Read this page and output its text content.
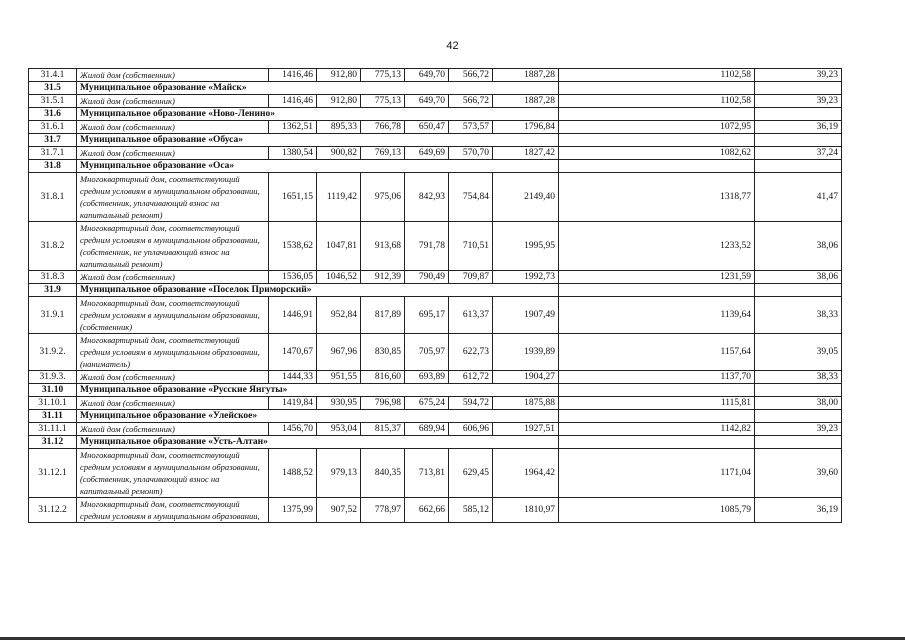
42
31.4.1	Жилой дом (собственник)	1416,46	912,80	775,13	649,70	566,72	1887,28	1102,58	39,23
31.5	Муниципальное образование «Майск»								
31.5.1	Жилой дом (собственник)	1416,46	912,80	775,13	649,70	566,72	1887,28	1102,58	39,23
31.6	Муниципальное образование «Ново-Ленино»								
31.6.1	Жилой дом (собственник)	1362,51	895,33	766,78	650,47	573,57	1796,84	1072,95	36,19
31.7	Муниципальное образование «Обуса»								
31.7.1	Жилой дом (собственник)	1380,54	900,82	769,13	649,69	570,70	1827,42	1082,62	37,24
31.8	Муниципальное образование «Оса»								
31.8.1	Многоквартирный дом, соответствующий средним условиям в муниципальном образовании, (собственник, уплачивающий взнос на капитальный ремонт)	1651,15	1119,42	975,06	842,93	754,84	2149,40	1318,77	41,47
31.8.2	Многоквартирный дом, соответствующий средним условиям в муниципальном образовании, (собственник, не уплачивающий взнос на капитальный ремонт)	1538,62	1047,81	913,68	791,78	710,51	1995,95	1233,52	38,06
31.8.3	Жилой дом (собственник)	1536,05	1046,52	912,39	790,49	709,87	1992,73	1231,59	38,06
31.9	Муниципальное образование «Поселок Приморский»								
31.9.1	Многоквартирный дом, соответствующий средним условиям в муниципальном образовании, (собственник)	1446,91	952,84	817,89	695,17	613,37	1907,49	1139,64	38,33
31.9.2.	Многоквартирный дом, соответствующий средним условиям в муниципальном образовании, (наниматель)	1470,67	967,96	830,85	705,97	622,73	1939,89	1157,64	39,05
31.9.3.	Жилой дом (собственник)	1444,33	951,55	816,60	693,89	612,72	1904,27	1137,70	38,33
31.10	Муниципальное образование «Русские Янгуты»								
31.10.1	Жилой дом (собственник)	1419,84	930,95	796,98	675,24	594,72	1875,88	1115,81	38,00
31.11	Муниципальное образование «Улейское»								
31.11.1	Жилой дом (собственник)	1456,70	953,04	815,37	689,94	606,96	1927,51	1142,82	39,23
31.12	Муниципальное образование «Усть-Алтан»								
31.12.1	Многоквартирный дом, соответствующий средним условиям в муниципальном образовании, (собственник, уплачивающий взнос на капитальный ремонт)	1488,52	979,13	840,35	713,81	629,45	1964,42	1171,04	39,60
31.12.2	Многоквартирный дом, соответствующий средним условиям в муниципальном образовании,	1375,99	907,52	778,97	662,66	585,12	1810,97	1085,79	36,19
